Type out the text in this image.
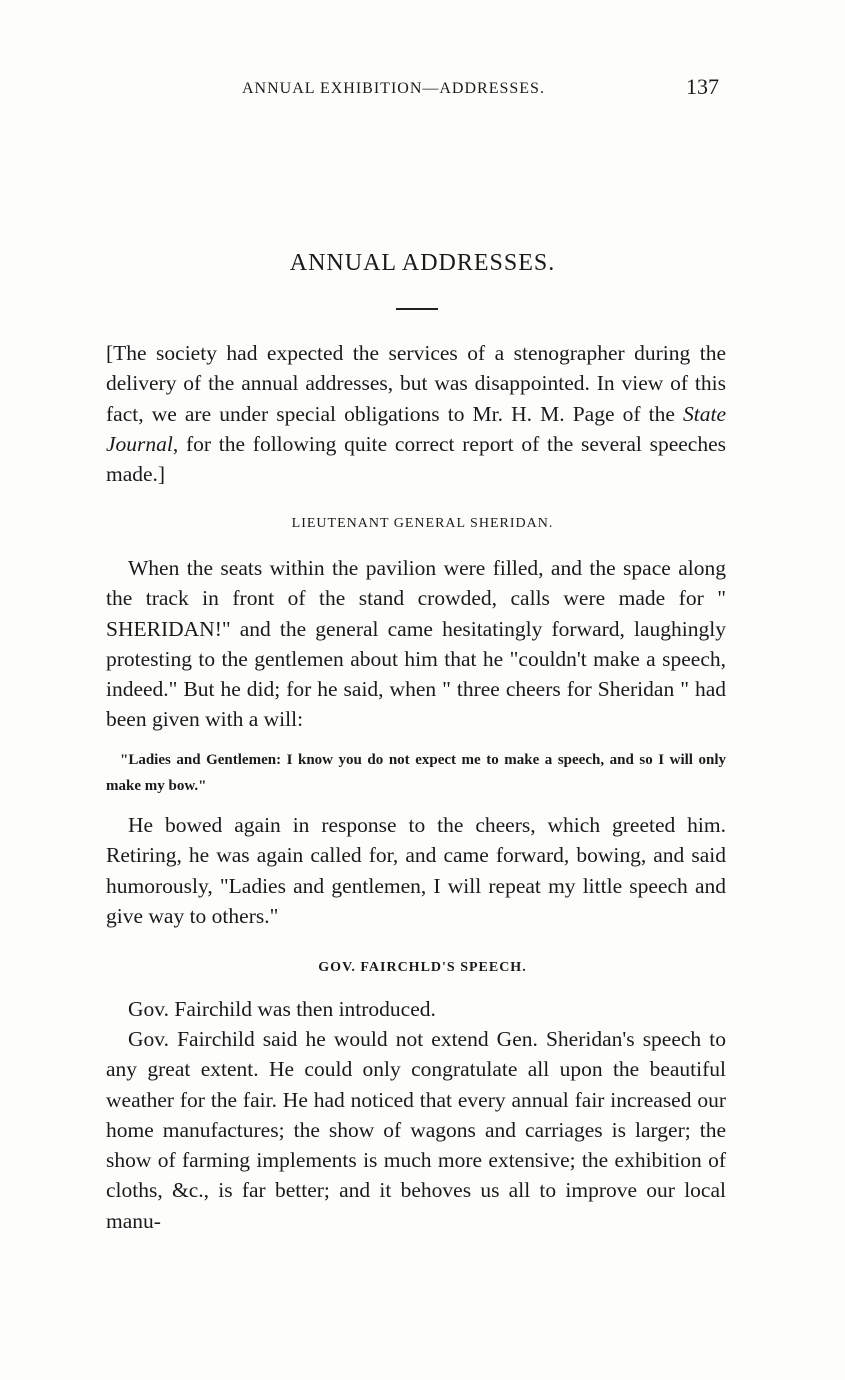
ANNUAL EXHIBITION—ADDRESSES.	137
ANNUAL ADDRESSES.

[The society had expected the services of a stenographer during the delivery of the annual addresses, but was disappointed. In view of this fact, we are under special obligations to Mr. H. M. Page of the State Journal, for the following quite correct report of the several speeches made.]

LIEUTENANT GENERAL SHERIDAN.

When the seats within the pavilion were filled, and the space along the track in front of the stand crowded, calls were made for " SHERIDAN!" and the general came hesitatingly forward, laughingly protesting to the gentlemen about him that he "couldn't make a speech, indeed." But he did; for he said, when " three cheers for Sheridan " had been given with a will:

"Ladies and Gentlemen: I know you do not expect me to make a speech, and so I will only make my bow."

He bowed again in response to the cheers, which greeted him. Retiring, he was again called for, and came forward, bowing, and said humorously, "Ladies and gentlemen, I will repeat my little speech and give way to others."

GOV. FAIRCHLD'S SPEECH.

Gov. Fairchild was then introduced.

Gov. Fairchild said he would not extend Gen. Sheridan's speech to any great extent. He could only congratulate all upon the beautiful weather for the fair. He had noticed that every annual fair increased our home manufactures; the show of wagons and carriages is larger; the show of farming implements is much more extensive; the exhibition of cloths, &c., is far better; and it behoves us all to improve our local manu-
